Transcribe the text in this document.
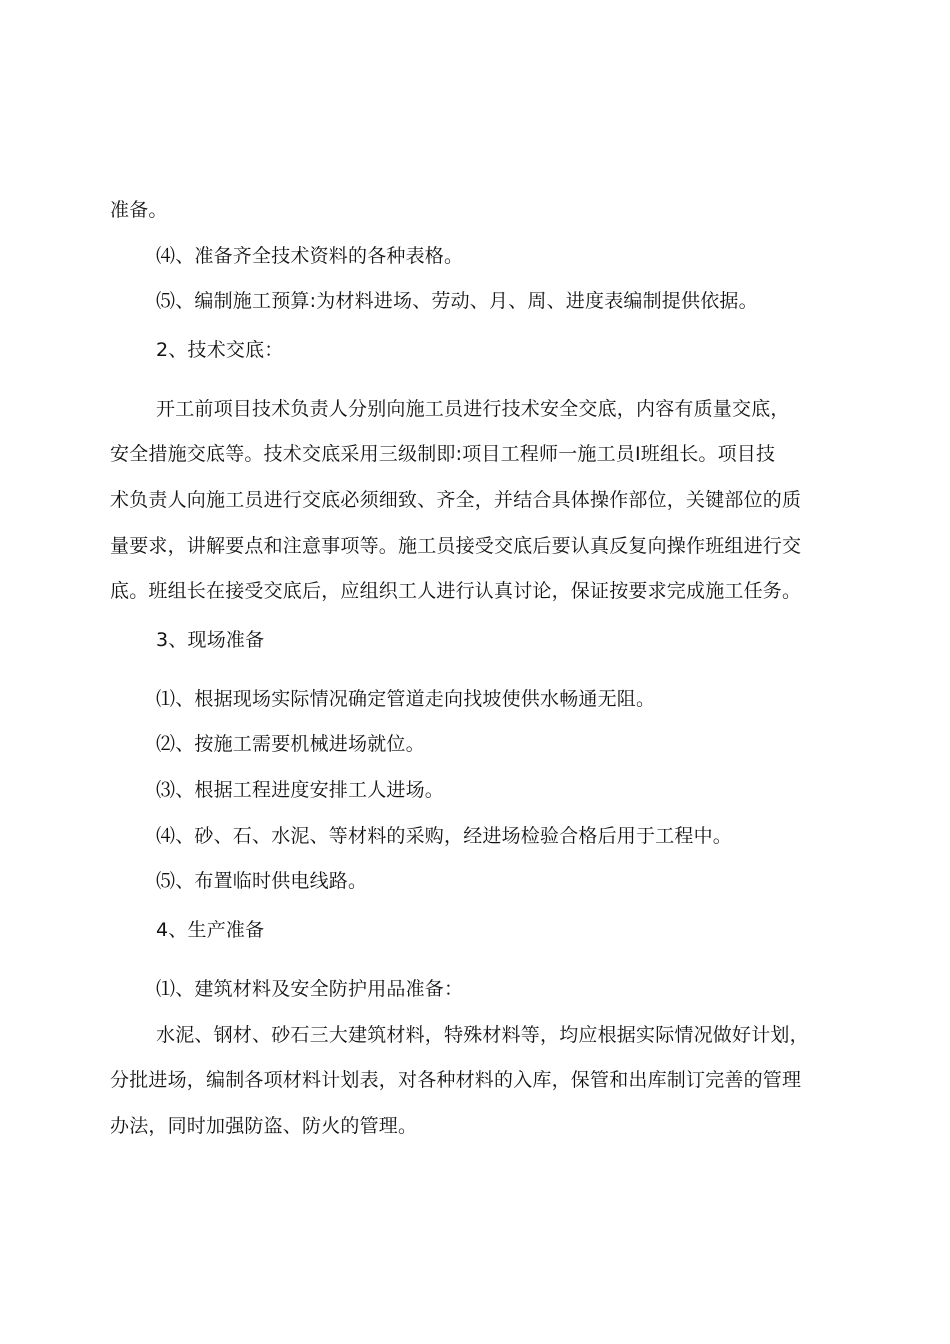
准备。
⑷、准备齐全技术资料的各种表格。
⑸、编制施工预算:为材料进场、劳动、月、周、进度表编制提供依据。
2、技术交底：
开工前项目技术负责人分别向施工员进行技术安全交底，内容有质量交底，
安全措施交底等。技术交底采用三级制即:项目工程师一施工员Ⅰ班组长。项目技
术负责人向施工员进行交底必须细致、齐全，并结合具体操作部位，关键部位的质
量要求，讲解要点和注意事项等。施工员接受交底后要认真反复向操作班组进行交
底。班组长在接受交底后，应组织工人进行认真讨论，保证按要求完成施工任务。
3、现场准备
⑴、根据现场实际情况确定管道走向找坡使供水畅通无阻。
⑵、按施工需要机械进场就位。
⑶、根据工程进度安排工人进场。
⑷、砂、石、水泥、等材料的采购，经进场检验合格后用于工程中。
⑸、布置临时供电线路。
4、生产准备
⑴、建筑材料及安全防护用品准备：
水泥、钢材、砂石三大建筑材料，特殊材料等，均应根据实际情况做好计划，
分批进场，编制各项材料计划表，对各种材料的入库，保管和出库制订完善的管理
办法，同时加强防盗、防火的管理。
